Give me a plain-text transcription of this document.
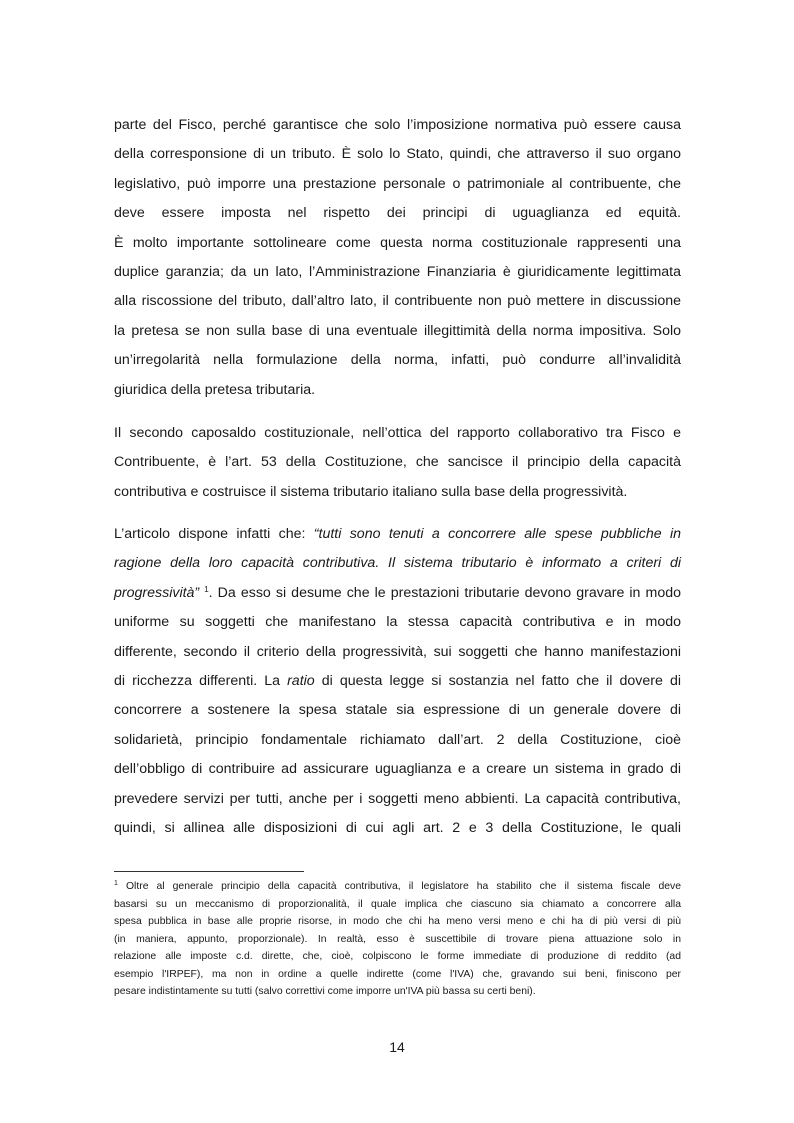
parte del Fisco, perché garantisce che solo l’imposizione normativa può essere causa
della corresponsione di un tributo. È solo lo Stato, quindi, che attraverso il suo organo
legislativo, può imporre una prestazione personale o patrimoniale al contribuente, che
deve essere imposta nel rispetto dei principi di uguaglianza ed equità.
È molto importante sottolineare come questa norma costituzionale rappresenti una
duplice garanzia; da un lato, l’Amministrazione Finanziaria è giuridicamente legittimata
alla riscossione del tributo, dall’altro lato, il contribuente non può mettere in discussione
la pretesa se non sulla base di una eventuale illegittimità della norma impositiva. Solo
un’irregolarità nella formulazione della norma, infatti, può condurre all’invalidità
giuridica della pretesa tributaria.
Il secondo caposaldo costituzionale, nell’ottica del rapporto collaborativo tra Fisco e
Contribuente, è l’art. 53 della Costituzione, che sancisce il principio della capacità
contributiva e costruisce il sistema tributario italiano sulla base della progressività.
L’articolo dispone infatti che: “tutti sono tenuti a concorrere alle spese pubbliche in
ragione della loro capacità contributiva. Il sistema tributario è informato a criteri di
progressività” $^1$. Da esso si desume che le prestazioni tributarie devono gravare in modo
uniforme su soggetti che manifestano la stessa capacità contributiva e in modo
differente, secondo il criterio della progressività, sui soggetti che hanno manifestazioni
di ricchezza differenti. La ratio di questa legge si sostanzia nel fatto che il dovere di
concorrere a sostenere la spesa statale sia espressione di un generale dovere di
solidarietà, principio fondamentale richiamato dall’art. 2 della Costituzione, cioè
dell’obbligo di contribuire ad assicurare uguaglianza e a creare un sistema in grado di
prevedere servizi per tutti, anche per i soggetti meno abbienti. La capacità contributiva,
quindi, si allinea alle disposizioni di cui agli art. 2 e 3 della Costituzione, le quali
$^1$ Oltre al generale principio della capacità contributiva, il legislatore ha stabilito che il sistema fiscale deve
basarsi su un meccanismo di proporzionalità, il quale implica che ciascuno sia chiamato a concorrere alla
spesa pubblica in base alle proprie risorse, in modo che chi ha meno versi meno e chi ha di più versi di più
(in maniera, appunto, proporzionale). In realtà, esso è suscettibile di trovare piena attuazione solo in
relazione alle imposte c.d. dirette, che, cioè, colpiscono le forme immediate di produzione di reddito (ad
esempio l'IRPEF), ma non in ordine a quelle indirette (come l'IVA) che, gravando sui beni, finiscono per
pesare indistintamente su tutti (salvo correttivi come imporre un'IVA più bassa su certi beni).
14
